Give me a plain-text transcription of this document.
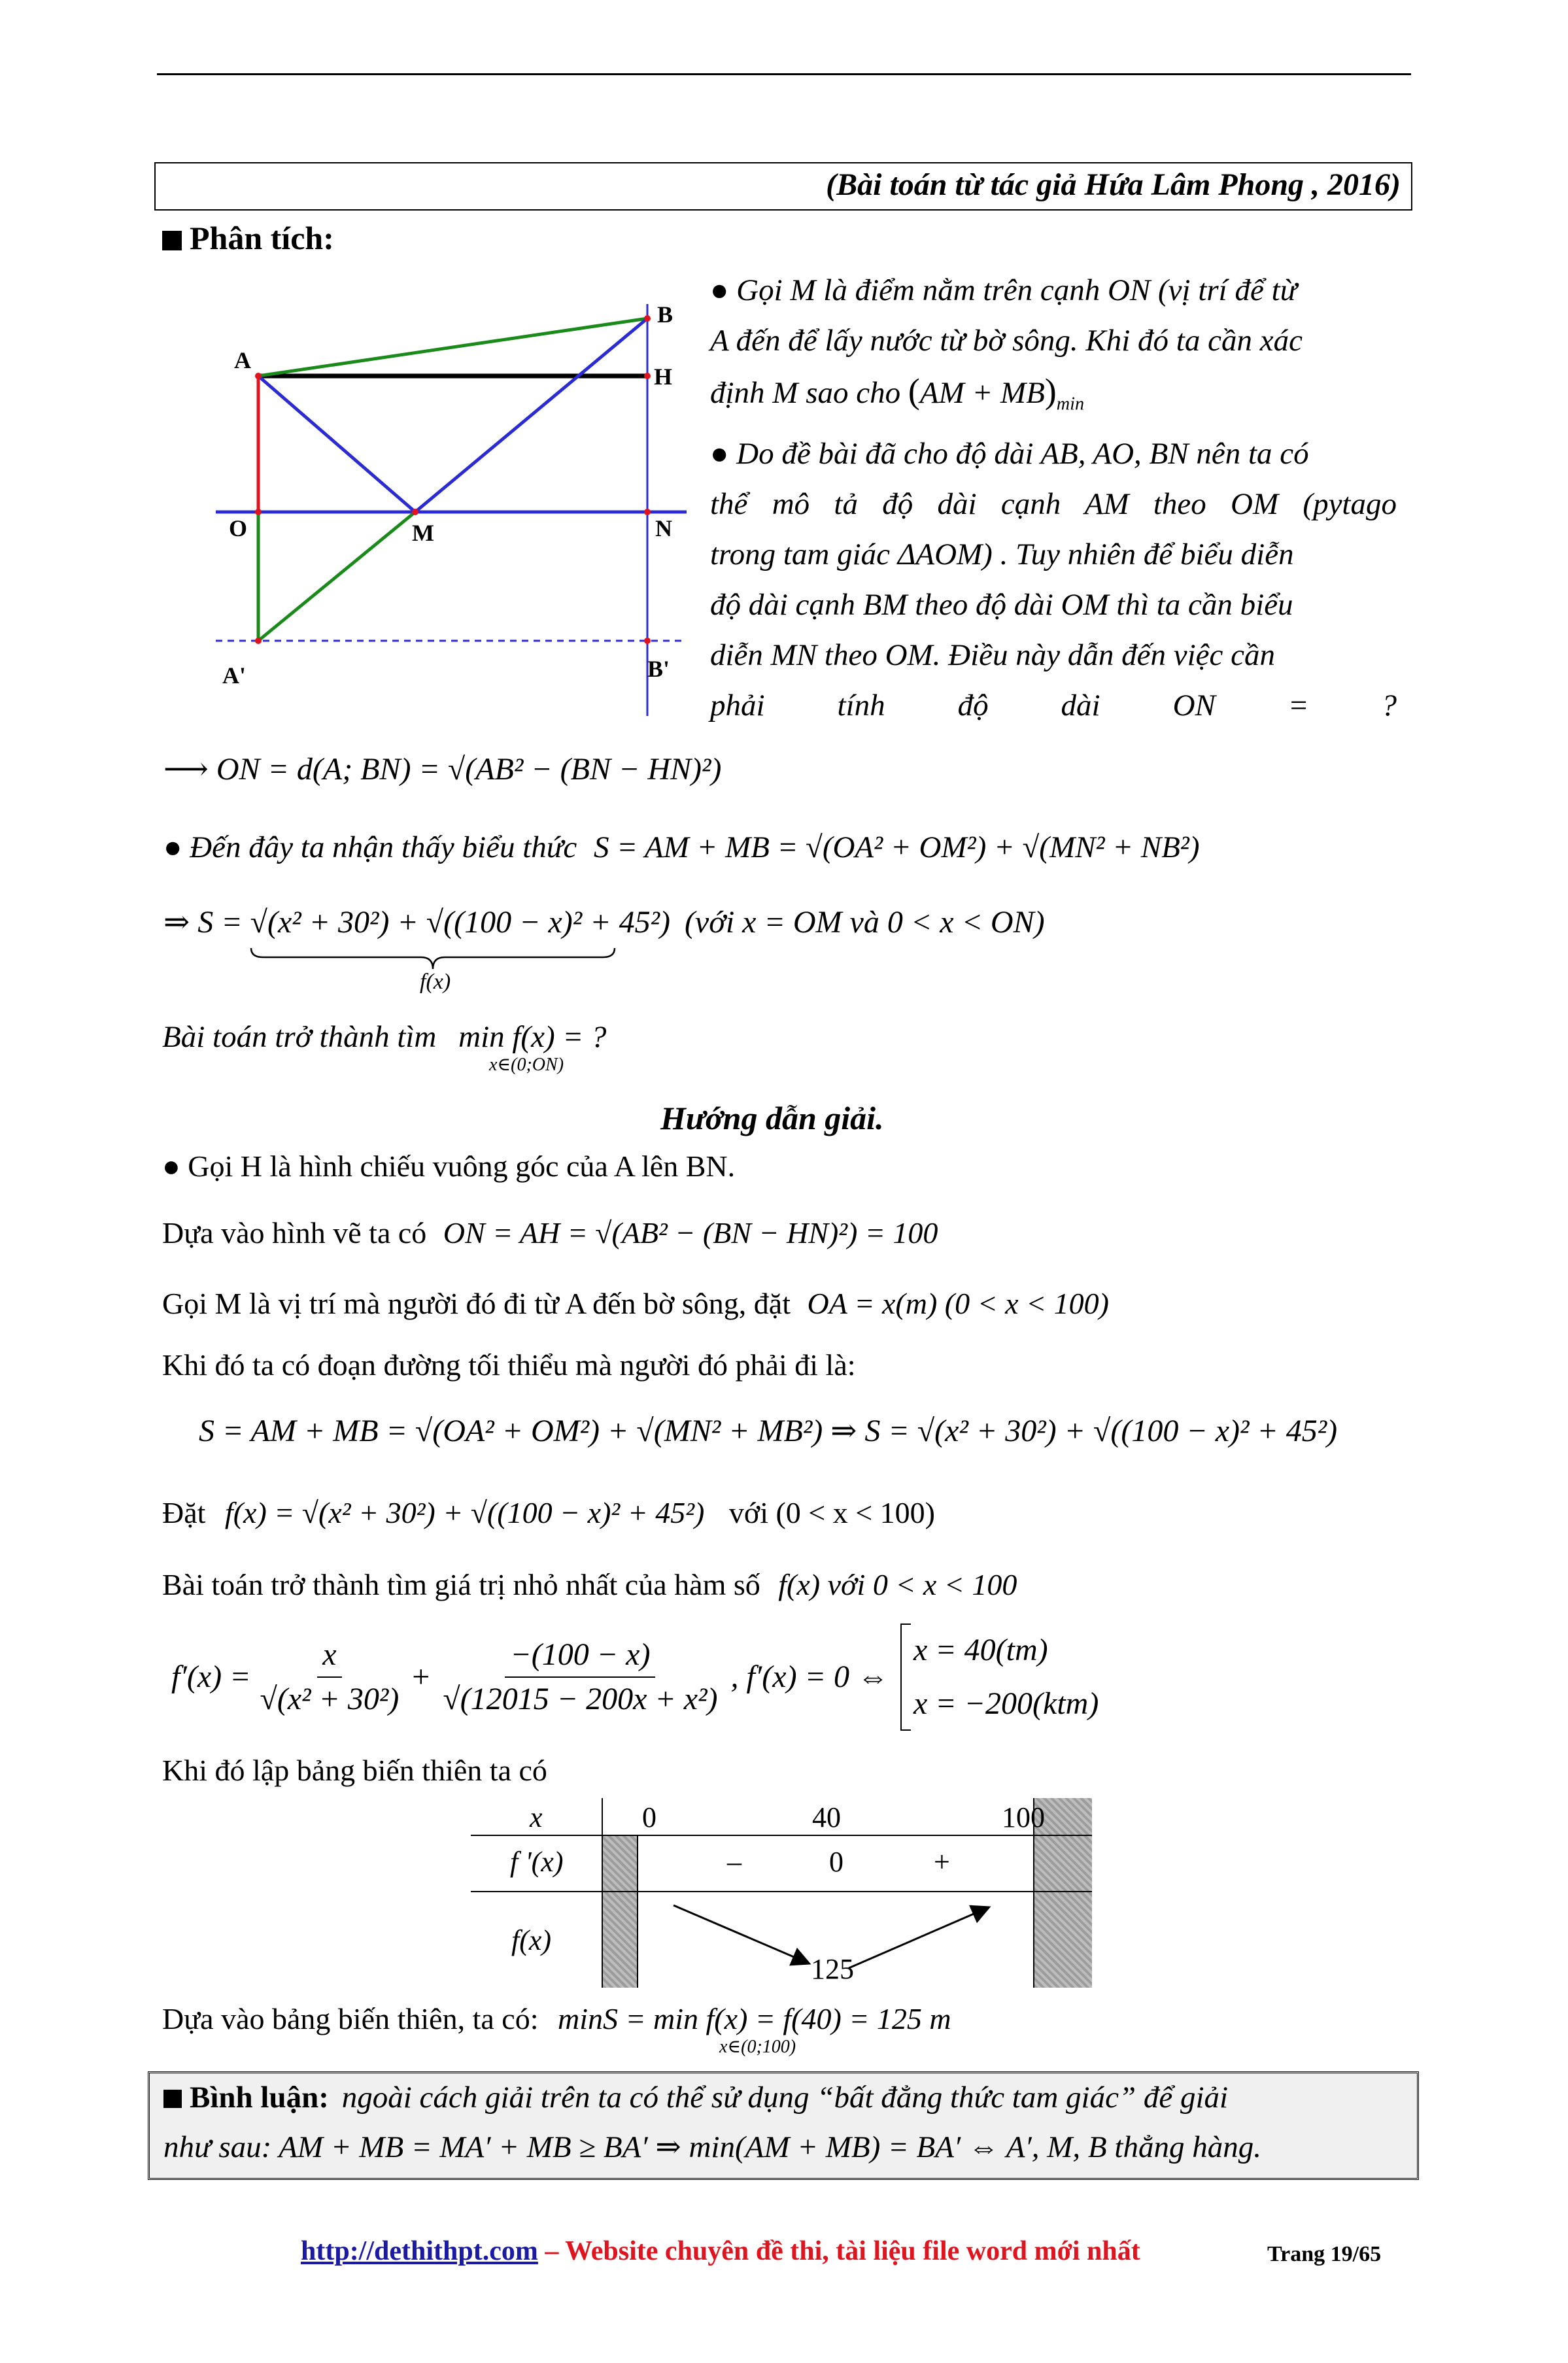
(Bài toán từ tác giả Hứa Lâm Phong , 2016)
Phân tích:
A
B
H
O	M	N
A'	B'
● Gọi M là điểm nằm trên cạnh ON (vị trí để từ
A đến để lấy nước từ bờ sông. Khi đó ta cần xác
định M sao cho $(AM + MB)_{min}$
● Do đề bài đã cho độ dài AB, AO, BN nên ta có
thể mô tả độ dài cạnh AM theo OM (pytago
trong tam giác ΔAOM) . Tuy nhiên để biểu diễn
độ dài cạnh BM theo độ dài OM thì ta cần biểu
diễn MN theo OM. Điều này dẫn đến việc cần
phải tính độ dài ON = ?
⟶ ON = d(A; BN) = √(AB² − (BN − HN)²)
● Đến đây ta nhận thấy biểu thức S = AM + MB = √(OA² + OM²) + √(MN² + NB²)
⇒ S = √(x² + 30²) + √((100 − x)² + 45²) (với x = OM và 0 < x < ON)
f(x)
Bài toán trở thành tìm min f(x) = ?
x∈(0;ON)
Hướng dẫn giải.
● Gọi H là hình chiếu vuông góc của A lên BN.
Dựa vào hình vẽ ta có ON = AH = √(AB² − (BN − HN)²) = 100
Gọi M là vị trí mà người đó đi từ A đến bờ sông, đặt OA = x(m) (0 < x < 100)
Khi đó ta có đoạn đường tối thiểu mà người đó phải đi là:
S = AM + MB = √(OA² + OM²) + √(MN² + MB²) ⇒ S = √(x² + 30²) + √((100 − x)² + 45²)
Đặt f(x) = √(x² + 30²) + √((100 − x)² + 45²) với (0 < x < 100)
Bài toán trở thành tìm giá trị nhỏ nhất của hàm số f(x) với 0 < x < 100
$f'(x) = \frac{x}{\text{√(x² + 30²)}} + \frac{-(100 - x)}{\text{√(12015 − 200x + x²)}}$ , f′(x) = 0 ⇔
x = 40(tm)
x = −200(ktm)
Khi đó lập bảng biến thiên ta có
x	0	40	100
f '(x)	–	0	+
f(x)
125
Dựa vào bảng biến thiên, ta có: minS = min f(x) = f(40) = 125 m
x∈(0;100)
Bình luận: ngoài cách giải trên ta có thể sử dụng “bất đẳng thức tam giác” để giải
như sau: AM + MB = MA′ + MB ≥ BA′ ⇒ min(AM + MB) = BA′ ⇔ A′, M, B thẳng hàng.
http://dethithpt.com – Website chuyên đề thi, tài liệu file word mới nhất	Trang 19/65
